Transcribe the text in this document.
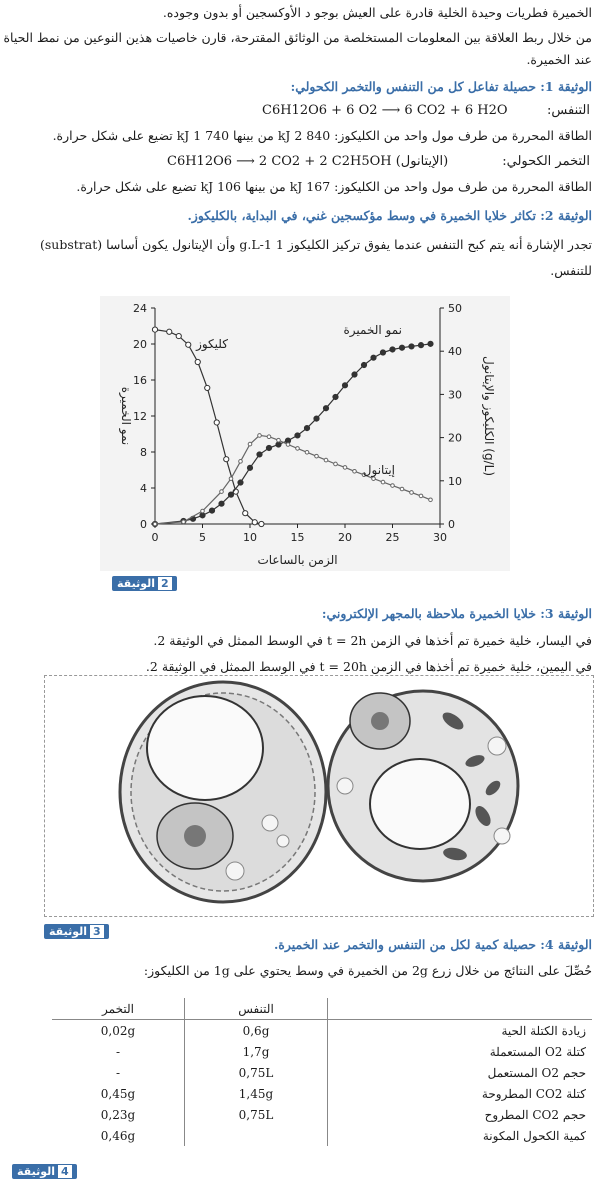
الخميرة فطريات وحيدة الخلية قادرة على العيش بوجو د الأوكسجين أو بدون وجوده.
من خلال ربط العلاقة بين المعلومات المستخلصة من الوثائق المقترحة، قارن خاصيات هذين النوعين من نمط الحياة
عند الخميرة.
الوثيقة 1: حصيلة تفاعل كل من التنفس والتخمر الكحولي:
التنفس:
C6H12O6 + 6 O2 ⟶ 6 CO2 + 6 H2O
الطاقة المحررة من طرف مول واحد من الكليكوز: kJ 2 840 من بينها kJ 1 740 تضيع على شكل حرارة.
التخمر الكحولي:
C6H12O6 ⟶ 2 CO2 + 2 C2H5OH (الإيتانول)
الطاقة المحررة من طرف مول واحد من الكليكوز: kJ 167 من بينها kJ 106 تضيع على شكل حرارة.
الوثيقة 2: تكاثر خلايا الخميرة في وسط مؤكسجين غني، في البداية، بالكليكوز.
تجدر الإشارة أنه يتم كبح التنفس عندما يفوق تركيز الكليكوز 1 g.L-1 وأن الإيتانول يكون أساسا (substrat)
للتنفس.
0	5	10	15	20	25	30
0
4
8
12
16
20
24
0
10
20
30
40
50
الزمن بالساعات
نمو الخميرة	الكليكوز والإيتانول (g/L)
كليكوز
نمو الخميرة
إيتانول
الوثيقة 2
الوثيقة 3: خلايا الخميرة ملاحظة بالمجهر الإلكتروني:
في اليسار، خلية خميرة تم أخذها في الزمن t = 2h في الوسط الممثل في الوثيقة 2.
في اليمين، خلية خميرة تم أخذها في الزمن t = 20h في الوسط الممثل في الوثيقة 2.
الوثيقة 3
الوثيقة 4: حصيلة كمية لكل من التنفس والتخمر عند الخميرة.
حُصِّلَ على النتائج من خلال زرع 2g من الخميرة في وسط يحتوي على 1g من الكليكوز:
التخمر	التنفس	
0,02g	0,6g	زيادة الكتلة الحية
-	1,7g	كتلة O2 المستعملة
-	0,75L	حجم O2 المستعمل
0,45g	1,45g	كتلة CO2 المطروحة
0,23g	0,75L	حجم CO2 المطروح
0,46g		كمية الكحول المكونة
الوثيقة 4
